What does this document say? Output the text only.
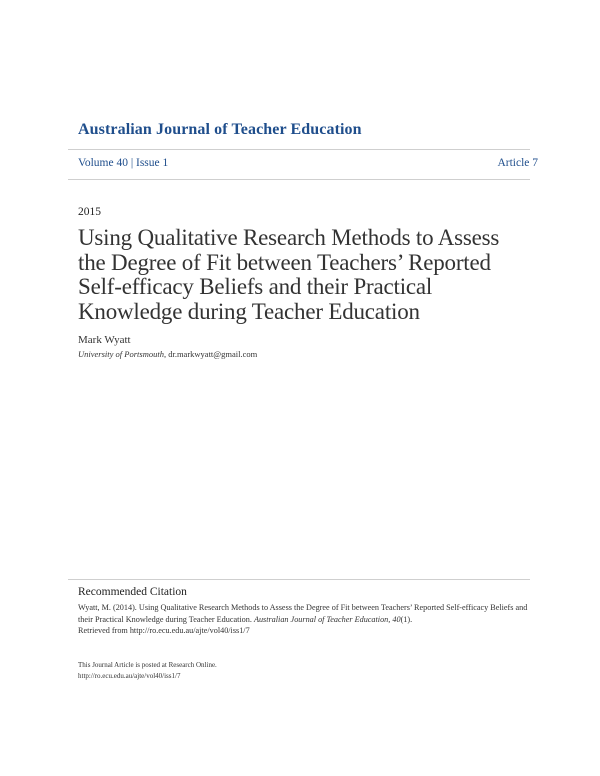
Australian Journal of Teacher Education
Volume 40 | Issue 1	Article 7
2015
Using Qualitative Research Methods to Assess the Degree of Fit between Teachers’ Reported Self-efficacy Beliefs and their Practical Knowledge during Teacher Education
Mark Wyatt
University of Portsmouth, dr.markwyatt@gmail.com
Recommended Citation
Wyatt, M. (2014). Using Qualitative Research Methods to Assess the Degree of Fit between Teachers’ Reported Self-efficacy Beliefs and their Practical Knowledge during Teacher Education. Australian Journal of Teacher Education, 40(1).
Retrieved from http://ro.ecu.edu.au/ajte/vol40/iss1/7
This Journal Article is posted at Research Online.
http://ro.ecu.edu.au/ajte/vol40/iss1/7
